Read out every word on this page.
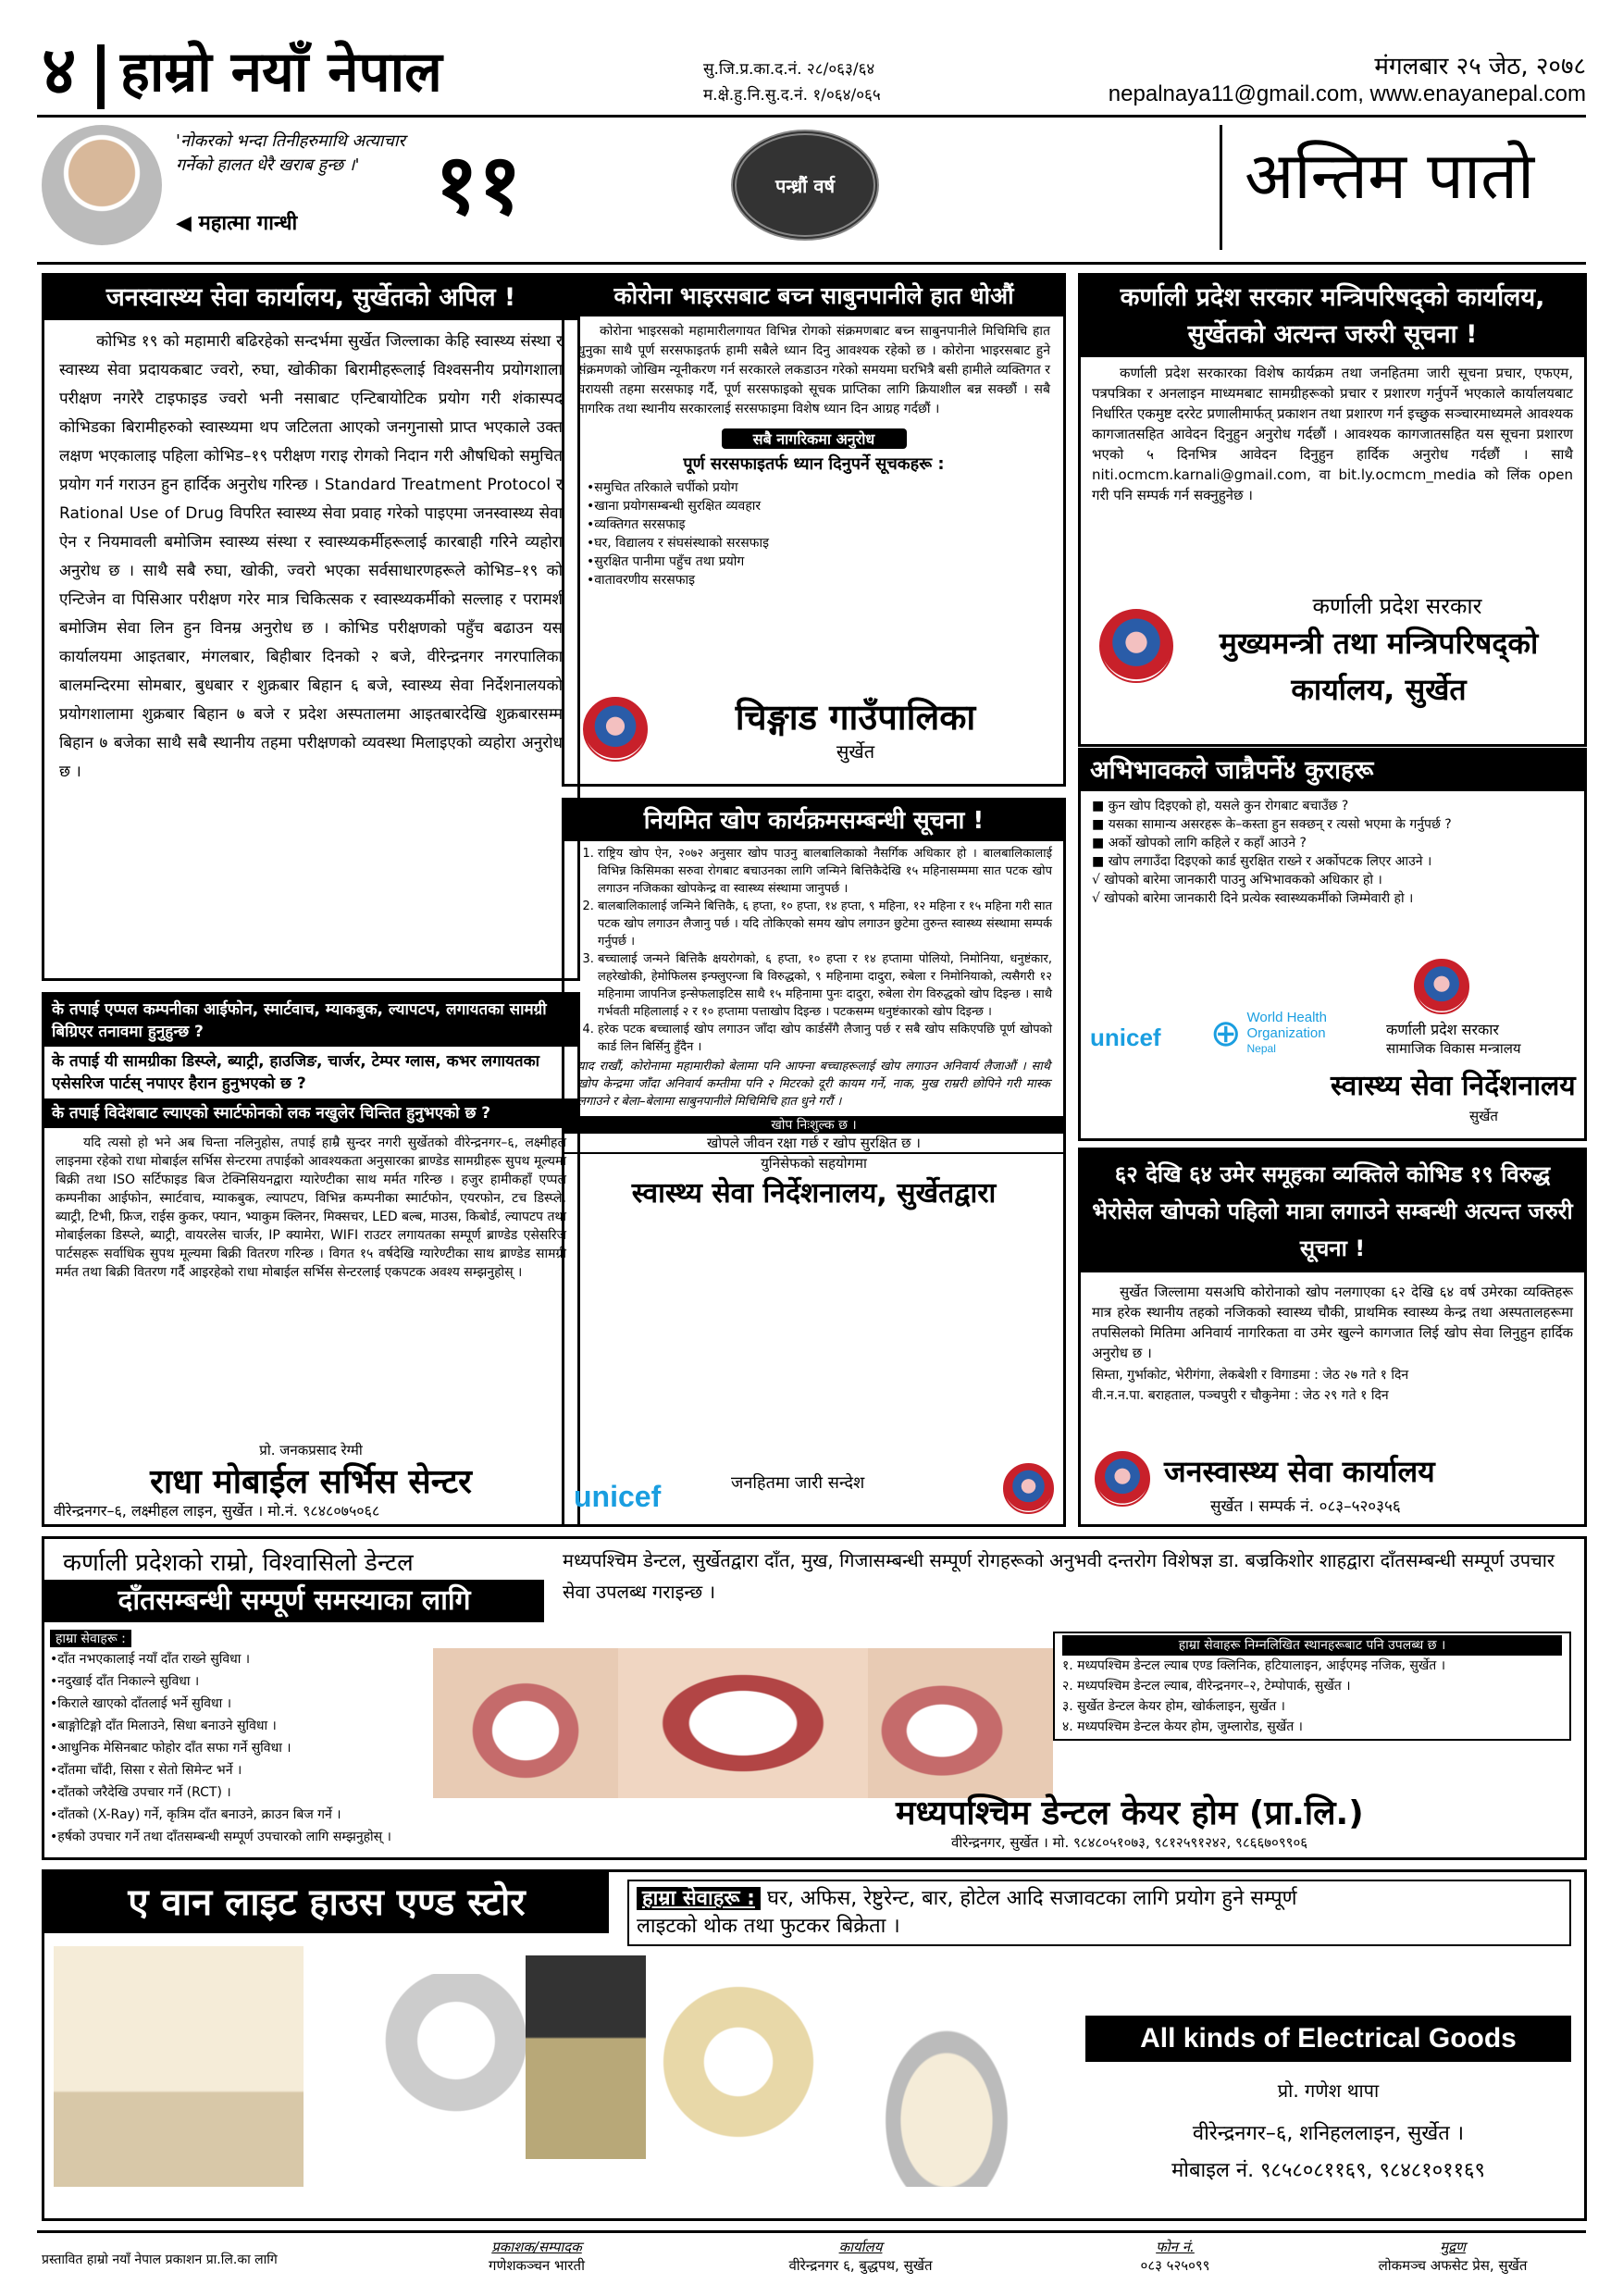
४ हाम्रो नयाँ नेपाल	सु.जि.प्र.का.द.नं. २८/०६३/६४
म.क्षे.हु.नि.सु.द.नं. १/०६४/०६५
मंगलबार २५ जेठ, २०७८
nepalnaya11@gmail.com, www.enayanepal.com
'नोकरको भन्दा तिनीहरुमाथि अत्याचार गर्नेको हालत धेरै खराब हुन्छ ।'
◀ महात्मा गान्धी ११	पन्ध्रौं वर्ष	अन्तिम पातो
जनस्वास्थ्य सेवा कार्यालय, सुर्खेतको अपिल !
कोभिड १९ को महामारी बढिरहेको सन्दर्भमा सुर्खेत जिल्लाका केहि स्वास्थ्य संस्था र स्वास्थ्य सेवा प्रदायकबाट ज्वरो, रुघा, खोकीका बिरामीहरूलाई विश्वसनीय प्रयोगशाला परीक्षण नगरेरै टाइफाइड ज्वरो भनी नसाबाट एन्टिबायोटिक प्रयोग गरी शंकास्पद कोभिडका बिरामीहरुको स्वास्थ्यमा थप जटिलता आएको जनगुनासो प्राप्त भएकाले उक्त लक्षण भएकालाइ पहिला कोभिड–१९ परीक्षण गराइ रोगको निदान गरी औषधिको समुचित प्रयोग गर्न गराउन हुन हार्दिक अनुरोध गरिन्छ । Standard Treatment Protocol र Rational Use of Drug विपरित स्वास्थ्य सेवा प्रवाह गरेको पाइएमा जनस्वास्थ्य सेवा ऐन र नियमावली बमोजिम स्वास्थ्य संस्था र स्वास्थ्यकर्मीहरूलाई कारबाही गरिने व्यहोरा अनुरोध छ । साथै सबै रुघा, खोकी, ज्वरो भएका सर्वसाधारणहरूले कोभिड–१९ को एन्टिजेन वा पिसिआर परीक्षण गरेर मात्र चिकित्सक र स्वास्थ्यकर्मीको सल्लाह र परामर्श बमोजिम सेवा लिन हुन विनम्र अनुरोध छ । कोभिड परीक्षणको पहुँच बढाउन यस कार्यालयमा आइतबार, मंगलबार, बिहीबार दिनको २ बजे, वीरेन्द्रनगर नगरपालिका बालमन्दिरमा सोमबार, बुधबार र शुक्रबार बिहान ६ बजे, स्वास्थ्य सेवा निर्देशनालयको प्रयोगशालामा शुक्रबार बिहान ७ बजे र प्रदेश अस्पतालमा आइतबारदेखि शुक्रबारसम्म बिहान ७ बजेका साथै सबै स्थानीय तहमा परीक्षणको व्यवस्था मिलाइएको व्यहोरा अनुरोध छ ।
के तपाई एप्पल कम्पनीका आईफोन, स्मार्टवाच, म्याकबुक, ल्यापटप, लगायतका सामग्री बिग्रिएर तनावमा हुनुहुन्छ ?
के तपाई यी सामग्रीका डिस्प्ले, ब्याट्री, हाउजिङ, चार्जर, टेम्पर ग्लास, कभर लगायतका एसेसरिज पार्टस् नपाएर हैरान हुनुभएको छ ?
के तपाई विदेशबाट ल्याएको स्मार्टफोनको लक नखुलेर चिन्तित हुनुभएको छ ?
यदि त्यसो हो भने अब चिन्ता नलिनुहोस, तपाई हाम्रै सुन्दर नगरी सुर्खेतको वीरेन्द्रनगर–६, लक्ष्मीहल लाइनमा रहेको राधा मोबाईल सर्भिस सेन्टरमा तपाईको आवश्यकता अनुसारका ब्राण्डेड सामग्रीहरू सुपथ मूल्यमा बिक्री तथा ISO सर्टिफाइड बिज टेक्निसियनद्वारा ग्यारेण्टीका साथ मर्मत गरिन्छ । हजुर हामीकहाँ एप्पल कम्पनीका आईफोन, स्मार्टवाच, म्याकबुक, ल्यापटप, विभिन्न कम्पनीका स्मार्टफोन, एयरफोन, टच डिस्प्ले, ब्याट्री, टिभी, फ्रिज, राईस कुकर, फ्यान, भ्याकुम क्लिनर, मिक्सचर, LED बल्ब, माउस, किबोर्ड, ल्यापटप तथा मोबाईलका डिस्प्ले, ब्याट्री, वायरलेस चार्जर, IP क्यामेरा, WIFI राउटर लगायतका सम्पूर्ण ब्राण्डेड एसेसरिज पार्टसहरू सर्वाधिक सुपथ मूल्यमा बिक्री वितरण गरिन्छ । विगत १५ वर्षदेखि ग्यारेण्टीका साथ ब्राण्डेड सामग्री मर्मत तथा बिक्री वितरण गर्दै आइरहेको राधा मोबाईल सर्भिस सेन्टरलाई एकपटक अवश्य सम्झनुहोस् ।
प्रो. जनकप्रसाद रेग्मी
राधा मोबाईल सर्भिस सेन्टर
वीरेन्द्रनगर–६, लक्ष्मीहल लाइन, सुर्खेत । मो.नं. ९८४८०७५०६८
कोरोना भाइरसबाट बच्न साबुनपानीले हात धोऔं
कोरोना भाइरसको महामारीलगायत विभिन्न रोगको संक्रमणबाट बच्न साबुनपानीले मिचिमिचि हात धुनुका साथै पूर्ण सरसफाइतर्फ हामी सबैले ध्यान दिनु आवश्यक रहेको छ । कोरोना भाइरसबाट हुने संक्रमणको जोखिम न्यूनीकरण गर्न सरकारले लकडाउन गरेको समयमा घरभित्रै बसी हामीले व्यक्तिगत र घरायसी तहमा सरसफाइ गर्दै, पूर्ण सरसफाइको सूचक प्राप्तिका लागि क्रियाशील बन्न सक्छौं । सबै नागरिक तथा स्थानीय सरकारलाई सरसफाइमा विशेष ध्यान दिन आग्रह गर्दछौं ।
सबै नागरिकमा अनुरोध
पूर्ण सरसफाइतर्फ ध्यान दिनुपर्ने सूचकहरू :
• समुचित तरिकाले चर्पीको प्रयोग
• खाना प्रयोगसम्बन्धी सुरक्षित व्यवहार
• व्यक्तिगत सरसफाइ
• घर, विद्यालय र संघसंस्थाको सरसफाइ
• सुरक्षित पानीमा पहुँच तथा प्रयोग
• वातावरणीय सरसफाइ
चिङ्गाड गाउँपालिका
सुर्खेत
नियमित खोप कार्यक्रमसम्बन्धी सूचना !
1. राष्ट्रिय खोप ऐन, २०७२ अनुसार खोप पाउनु बालबालिकाको नैसर्गिक अधिकार हो । बालबालिकालाई विभिन्न किसिमका सरुवा रोगबाट बचाउनका लागि जन्मिने बित्तिकैदेखि १५ महिनासम्ममा सात पटक खोप लगाउन नजिकका खोपकेन्द्र वा स्वास्थ्य संस्थामा जानुपर्छ ।
2. बालबालिकालाई जन्मिने बित्तिकै, ६ हप्ता, १० हप्ता, १४ हप्ता, ९ महिना, १२ महिना र १५ महिना गरी सात पटक खोप लगाउन लैजानु पर्छ । यदि तोकिएको समय खोप लगाउन छुटेमा तुरुन्त स्वास्थ्य संस्थामा सम्पर्क गर्नुपर्छ ।
3. बच्चालाई जन्मने बित्तिकै क्षयरोगको, ६ हप्ता, १० हप्ता र १४ हप्तामा पोलियो, निमोनिया, धनुष्टंकार, लहरेखोकी, हेमोफिलस इन्फ्लुएन्जा बि विरुद्धको, ९ महिनामा दादुरा, रुबेला र निमोनियाको, त्यसैगरी १२ महिनामा जापनिज इन्सेफलाइटिस साथै १५ महिनामा पुनः दादुरा, रुबेला रोग विरुद्धको खोप दिइन्छ । साथै गर्भवती महिलालाई २ र १० हप्तामा पत्ताखोप दिइन्छ । पटकसम्म धनुष्टंकारको खोप दिइन्छ ।
4. हरेक पटक बच्चालाई खोप लगाउन जाँदा खोप कार्डसँगै लैजानु पर्छ र सबै खोप सकिएपछि पूर्ण खोपको कार्ड लिन बिर्सिनु हुँदैन ।
याद राखौं, कोरोनामा महामारीको बेलामा पनि आफ्ना बच्चाहरूलाई खोप लगाउन अनिवार्य लैजाऔं । साथै खोप केन्द्रमा जाँदा अनिवार्य कम्तीमा पनि २ मिटरको दूरी कायम गर्ने, नाक, मुख राम्ररी छोपिने गरी मास्क लगाउने र बेला–बेलामा साबुनपानीले मिचिमिचि हात धुने गरौं ।
खोप निःशुल्क छ ।
खोपले जीवन रक्षा गर्छ र खोप सुरक्षित छ ।
युनिसेफको सहयोगमा
स्वास्थ्य सेवा निर्देशनालय, सुर्खेतद्वारा
unicef	जनहितमा जारी सन्देश
कर्णाली प्रदेश सरकार मन्त्रिपरिषद्को कार्यालय, सुर्खेतको अत्यन्त जरुरी सूचना !
कर्णाली प्रदेश सरकारका विशेष कार्यक्रम तथा जनहितमा जारी सूचना प्रचार, एफएम, पत्रपत्रिका र अनलाइन माध्यमबाट सामग्रीहरूको प्रचार र प्रशारण गर्नुपर्ने भएकाले कार्यालयबाट निर्धारित एकमुष्ट दररेट प्रणालीमार्फत् प्रकाशन तथा प्रशारण गर्न इच्छुक सञ्चारमाध्यमले आवश्यक कागजातसहित आवेदन दिनुहुन अनुरोध गर्दछौं । आवश्यक कागजातसहित यस सूचना प्रशारण भएको ५ दिनभित्र आवेदन दिनुहुन हार्दिक अनुरोध गर्दछौं । साथै niti.ocmcm.karnali@gmail.com, वा bit.ly.ocmcm_media को लिंक open गरी पनि सम्पर्क गर्न सक्नुहुनेछ ।
कर्णाली प्रदेश सरकार
मुख्यमन्त्री तथा मन्त्रिपरिषद्को
कार्यालय, सुर्खेत
अभिभावकले जान्नैपर्ने४ कुराहरू
■ कुन खोप दिइएको हो, यसले कुन रोगबाट बचाउँछ ?
■ यसका सामान्य असरहरू के–कस्ता हुन सक्छन् र त्यसो भएमा के गर्नुपर्छ ?
■ अर्को खोपको लागि कहिले र कहाँ आउने ?
■ खोप लगाउँदा दिइएको कार्ड सुरक्षित राख्ने र अर्कोपटक लिएर आउने ।
√ खोपको बारेमा जानकारी पाउनु अभिभावकको अधिकार हो ।
√ खोपको बारेमा जानकारी दिने प्रत्येक स्वास्थ्यकर्मीको जिम्मेवारी हो ।
unicef ⊕ World Health
Organization
Nepal
कर्णाली प्रदेश सरकार
सामाजिक विकास मन्त्रालय
स्वास्थ्य सेवा निर्देशनालय
सुर्खेत
६२ देखि ६४ उमेर समूहका व्यक्तिले कोभिड १९ विरुद्ध भेरोसेल खोपको पहिलो मात्रा लगाउने सम्बन्धी अत्यन्त जरुरी सूचना !
सुर्खेत जिल्लामा यसअघि कोरोनाको खोप नलगाएका ६२ देखि ६४ वर्ष उमेरका व्यक्तिहरू मात्र हरेक स्थानीय तहको नजिकको स्वास्थ्य चौकी, प्राथमिक स्वास्थ्य केन्द्र तथा अस्पतालहरूमा तपसिलको मितिमा अनिवार्य नागरिकता वा उमेर खुल्ने कागजात लिई खोप सेवा लिनुहुन हार्दिक अनुरोध छ ।
सिम्ता, गुर्भाकोट, भेरीगंगा, लेकबेशी र विगाडमा : जेठ २७ गते १ दिन
वी.न.न.पा. बराहताल, पञ्चपुरी र चौकुनेमा : जेठ २९ गते १ दिन
जनस्वास्थ्य सेवा कार्यालय
सुर्खेत । सम्पर्क नं. ०८३–५२०३५६
कर्णाली प्रदेशको राम्रो, विश्वासिलो डेन्टल
दाँतसम्बन्धी सम्पूर्ण समस्याका लागि
मध्यपश्चिम डेन्टल, सुर्खेतद्वारा दाँत, मुख, गिजासम्बन्धी सम्पूर्ण रोगहरूको अनुभवी दन्तरोग विशेषज्ञ डा. बज्रकिशोर शाहद्वारा दाँतसम्बन्धी सम्पूर्ण उपचार सेवा उपलब्ध गराइन्छ ।
हाम्रा सेवाहरू :
• दाँत नभएकालाई नयाँ दाँत राख्ने सुविधा ।
• नदुखाई दाँत निकाल्ने सुविधा ।
• किराले खाएको दाँतलाई भर्ने सुविधा ।
• बाङ्गोटिङ्गो दाँत मिलाउने, सिधा बनाउने सुविधा ।
• आधुनिक मेसिनबाट फोहोर दाँत सफा गर्ने सुविधा ।
• दाँतमा चाँदी, सिसा र सेतो सिमेन्ट भर्ने ।
• दाँतको जरैदेखि उपचार गर्ने (RCT) ।
• दाँतको (X-Ray) गर्ने, कृत्रिम दाँत बनाउने, क्राउन बिज गर्ने ।
• हर्षको उपचार गर्ने तथा दाँतसम्बन्धी सम्पूर्ण उपचारको लागि सम्झनुहोस् ।
हाम्रा सेवाहरू निम्नलिखित स्थानहरूबाट पनि उपलब्ध छ ।
१. मध्यपश्चिम डेन्टल ल्याब एण्ड क्लिनिक, हटियालाइन, आईएमइ नजिक, सुर्खेत ।
२. मध्यपश्चिम डेन्टल ल्याब, वीरेन्द्रनगर–२, टेम्पोपार्क, सुर्खेत ।
३. सुर्खेत डेन्टल केयर होम, खोर्कलाइन, सुर्खेत ।
४. मध्यपश्चिम डेन्टल केयर होम, जुम्लारोड, सुर्खेत ।
मध्यपश्चिम डेन्टल केयर होम (प्रा.लि.)
वीरेन्द्रनगर, सुर्खेत । मो. ९८४८०५१०७३, ९८१२५९१२४२, ९८६६७०९९०६
ए वान लाइट हाउस एण्ड स्टोर	हाम्रा सेवाहरू : घर, अफिस, रेष्टुरेन्ट, बार, होटेल आदि सजावटका लागि प्रयोग हुने सम्पूर्ण
लाइटको थोक तथा फुटकर बिक्रेता ।
All kinds of Electrical Goods
प्रो. गणेश थापा
वीरेन्द्रनगर–६, शनिहललाइन, सुर्खेत ।
मोबाइल नं. ९८५८०८११६९, ९८४८१०११६९
प्रस्तावित हाम्रो नयाँ नेपाल प्रकाशन प्रा.लि.का लागि
प्रकाशक/सम्पादक
गणेशकञ्चन भारती
कार्यालय
वीरेन्द्रनगर ६, बुद्धपथ, सुर्खेत
फोन नं.
०८३ ५२५०९९
मुद्रण
लोकमञ्च अफसेट प्रेस, सुर्खेत
